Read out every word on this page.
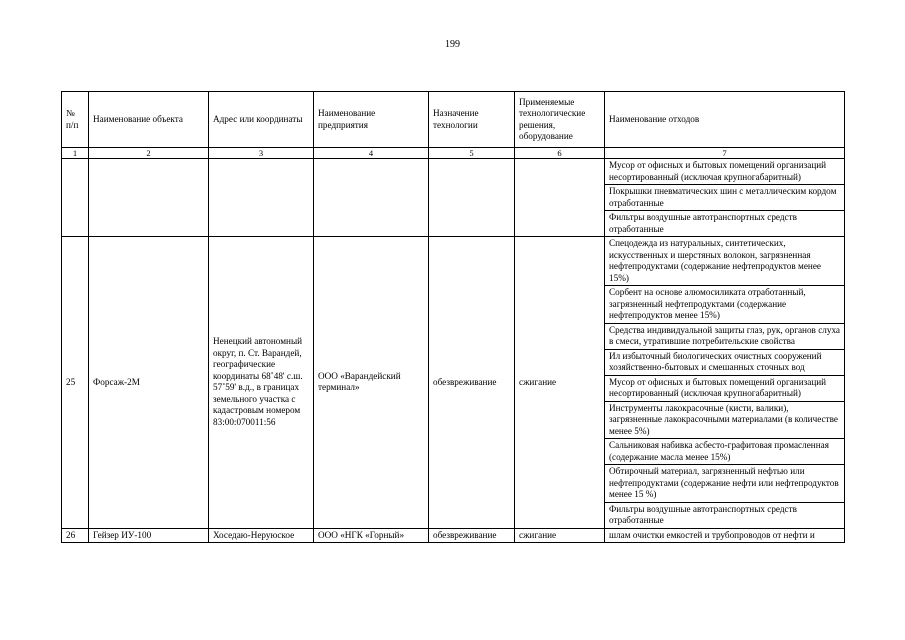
199
№ п/п	Наименование объекта	Адрес или координаты	Наименование предприятия	Назначение технологии	Применяемые технологические решения, оборудование	Наименование отходов
1	2	3	4	5	6	7
						Мусор от офисных и бытовых помещений организаций несортированный (исключая крупногабаритный)
						Покрышки пневматических шин с металлическим кордом отработанные
						Фильтры воздушные автотранспортных средств отработанные
25	Форсаж-2М	Ненецкий автономный округ, п. Ст. Варандей, географические координаты 68˚48' с.ш. 57˚59' в.д., в границах земельного участка с кадастровым номером 83:00:070011:56	ООО «Варандейский терминал»	обезвреживание	сжигание	Спецодежда из натуральных, синтетических, искусственных и шерстяных волокон, загрязненная нефтепродуктами (содержание нефтепродуктов менее 15%)
						Сорбент на основе алюмосиликата отработанный, загрязненный нефтепродуктами (содержание нефтепродуктов менее 15%)
						Средства индивидуальной защиты глаз, рук, органов слуха в смеси, утратившие потребительские свойства
						Ил избыточный биологических очистных сооружений хозяйственно-бытовых и смешанных сточных вод
						Мусор от офисных и бытовых помещений организаций несортированный (исключая крупногабаритный)
						Инструменты лакокрасочные (кисти, валики), загрязненные лакокрасочными материалами (в количестве менее 5%)
						Сальниковая набивка асбесто-графитовая промасленная (содержание масла менее 15%)
						Обтирочный материал, загрязненный нефтью или нефтепродуктами (содержание нефти или нефтепродуктов менее 15 %)
						Фильтры воздушные автотранспортных средств отработанные
26	Гейзер ИУ-100	Хоседаю-Неруюское	ООО «НГК «Горный»	обезвреживание	сжигание	шлам очистки емкостей и трубопроводов от нефти и
